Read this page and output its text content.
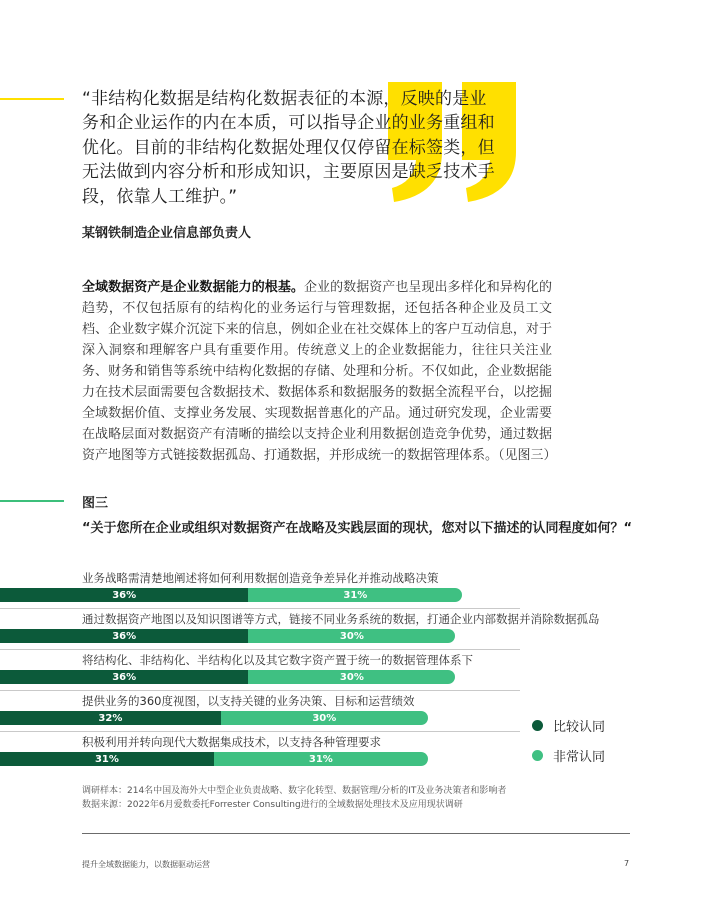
“非结构化数据是结构化数据表征的本源，反映的是业务和企业运作的内在本质，可以指导企业的业务重组和优化。目前的非结构化数据处理仅仅停留在标签类，但无法做到内容分析和形成知识，主要原因是缺乏技术手段，依靠人工维护。”
某钢铁制造企业信息部负责人
全域数据资产是企业数据能力的根基。企业的数据资产也呈现出多样化和异构化的趋势，不仅包括原有的结构化的业务运行与管理数据，还包括各种企业及员工文档、企业数字媒介沉淀下来的信息，例如企业在社交媒体上的客户互动信息，对于深入洞察和理解客户具有重要作用。传统意义上的企业数据能力，往往只关注业务、财务和销售等系统中结构化数据的存储、处理和分析。不仅如此，企业数据能力在技术层面需要包含数据技术、数据体系和数据服务的数据全流程平台，以挖掘全域数据价值、支撑业务发展、实现数据普惠化的产品。通过研究发现，企业需要在战略层面对数据资产有清晰的描绘以支持企业利用数据创造竞争优势，通过数据资产地图等方式链接数据孤岛、打通数据，并形成统一的数据管理体系。（见图三）
图三
“关于您所在企业或组织对数据资产在战略及实践层面的现状，您对以下描述的认同程度如何？“
业务战略需清楚地阐述将如何利用数据创造竞争差异化并推动战略决策
36%	31%
通过数据资产地图以及知识图谱等方式，链接不同业务系统的数据，打通企业内部数据并消除数据孤岛
36%	30%
将结构化、非结构化、半结构化以及其它数字资产置于统一的数据管理体系下
36%	30%
提供业务的360度视图，以支持关键的业务决策、目标和运营绩效
32%	30%
积极利用并转向现代大数据集成技术，以支持各种管理要求
31%	31%
比较认同
非常认同
调研样本：214名中国及海外大中型企业负责战略、数字化转型、数据管理/分析的IT及业务决策者和影响者
数据来源：2022年6月爱数委托Forrester Consulting进行的全域数据处理技术及应用现状调研
提升全域数据能力，以数据驱动运营	7
